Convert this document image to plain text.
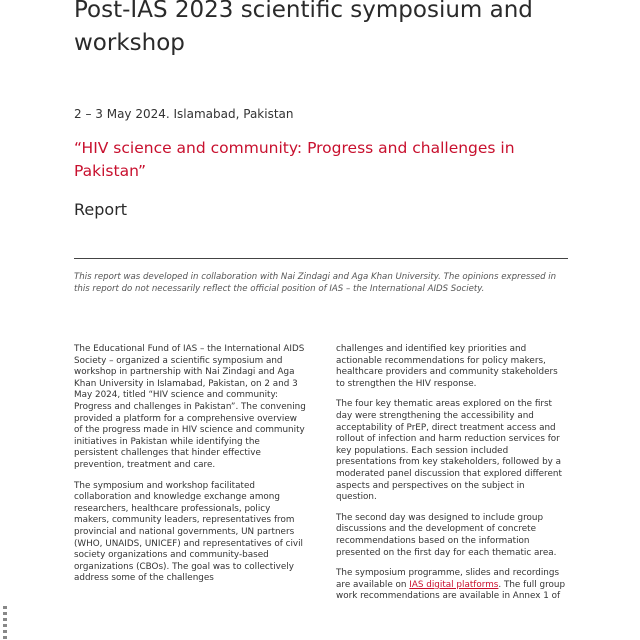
Post-IAS 2023 scientific symposium and workshop
2 – 3 May 2024. Islamabad, Pakistan
“HIV science and community: Progress and challenges in Pakistan”
Report

This report was developed in collaboration with Nai Zindagi and Aga Khan University. The opinions expressed in this report do not necessarily reflect the official position of IAS – the International AIDS Society.

The Educational Fund of IAS – the International AIDS Society – organized a scientific symposium and workshop in partnership with Nai Zindagi and Aga Khan University in Islamabad, Pakistan, on 2 and 3 May 2024, titled “HIV science and community: Progress and challenges in Pakistan”. The convening provided a platform for a comprehensive overview of the progress made in HIV science and community initiatives in Pakistan while identifying the persistent challenges that hinder effective prevention, treatment and care.

The symposium and workshop facilitated collaboration and knowledge exchange among researchers, healthcare professionals, policy makers, community leaders, representatives from provincial and national governments, UN partners (WHO, UNAIDS, UNICEF) and representatives of civil society organizations and community-based organizations (CBOs). The goal was to collectively address some of the challenges

challenges and identified key priorities and actionable recommendations for policy makers, healthcare providers and community stakeholders to strengthen the HIV response.

The four key thematic areas explored on the first day were strengthening the accessibility and acceptability of PrEP, direct treatment access and rollout of infection and harm reduction services for key populations. Each session included presentations from key stakeholders, followed by a moderated panel discussion that explored different aspects and perspectives on the subject in question.

The second day was designed to include group discussions and the development of concrete recommendations based on the information presented on the first day for each thematic area.

The symposium programme, slides and recordings are available on IAS digital platforms. The full group work recommendations are available in Annex 1 of
